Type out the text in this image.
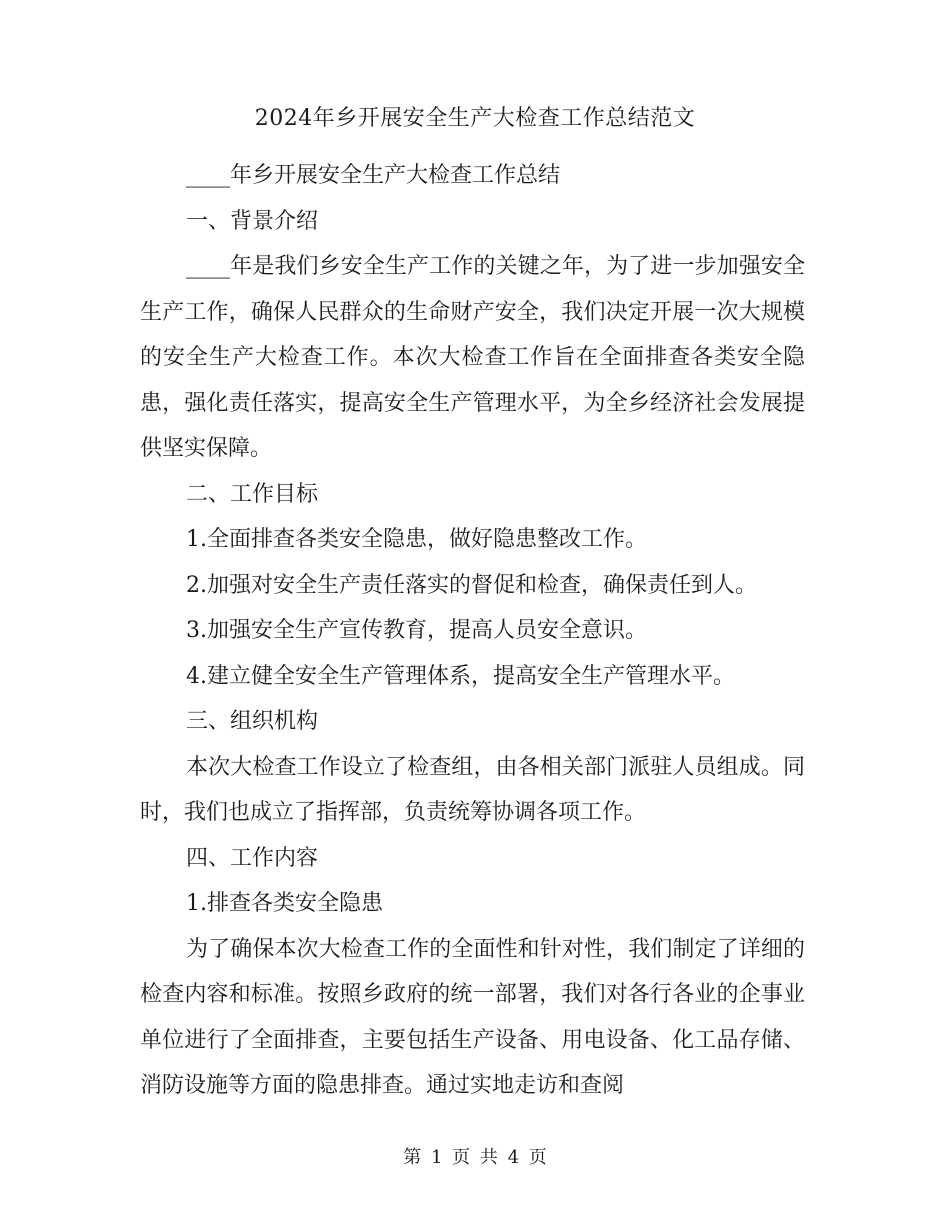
2024年乡开展安全生产大检查工作总结范文

____年乡开展安全生产大检查工作总结

一、背景介绍

____年是我们乡安全生产工作的关键之年，为了进一步加强安全生产工作，确保人民群众的生命财产安全，我们决定开展一次大规模的安全生产大检查工作。本次大检查工作旨在全面排查各类安全隐患，强化责任落实，提高安全生产管理水平，为全乡经济社会发展提供坚实保障。

二、工作目标

1.全面排查各类安全隐患，做好隐患整改工作。

2.加强对安全生产责任落实的督促和检查，确保责任到人。

3.加强安全生产宣传教育，提高人员安全意识。

4.建立健全安全生产管理体系，提高安全生产管理水平。

三、组织机构

本次大检查工作设立了检查组，由各相关部门派驻人员组成。同时，我们也成立了指挥部，负责统筹协调各项工作。

四、工作内容

1.排查各类安全隐患

为了确保本次大检查工作的全面性和针对性，我们制定了详细的检查内容和标准。按照乡政府的统一部署，我们对各行各业的企事业单位进行了全面排查，主要包括生产设备、用电设备、化工品存储、消防设施等方面的隐患排查。通过实地走访和查阅

第 1 页 共 4 页
